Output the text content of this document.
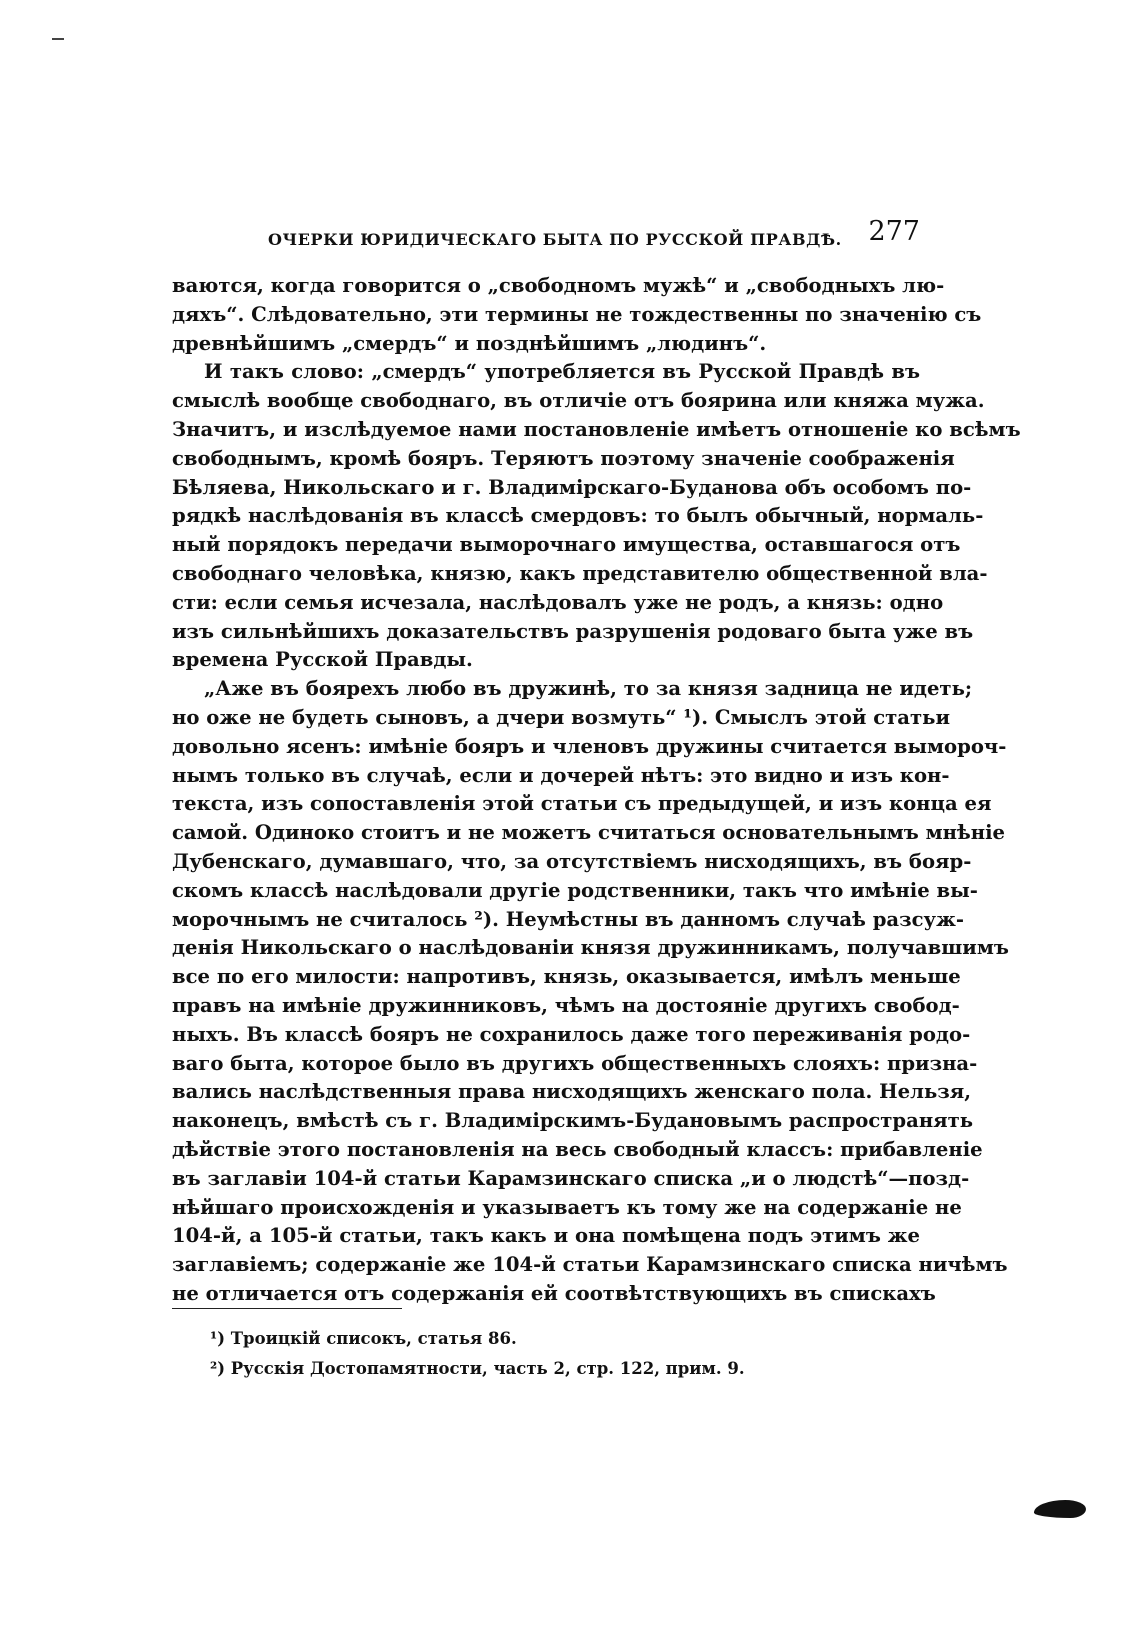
ОЧЕРКИ ЮРИДИЧЕСКАГО БЫТА ПО РУССКОЙ ПРАВДѢ. 277
ваются, когда говорится о „свободномъ мужѣ“ и „свободныхъ лю-
дяхъ“. Слѣдовательно, эти термины не тождественны по значенію съ
древнѣйшимъ „смердъ“ и позднѣйшимъ „людинъ“.
И такъ слово: „смердъ“ употребляется въ Русской Правдѣ въ
смыслѣ вообще свободнаго, въ отличіе отъ боярина или княжа мужа.
Значитъ, и изслѣдуемое нами постановленіе имѣетъ отношеніе ко всѣмъ
свободнымъ, кромѣ бояръ. Теряютъ поэтому значеніе соображенія
Бѣляева, Никольскаго и г. Владимірскаго-Буданова объ особомъ по-
рядкѣ наслѣдованія въ классѣ смердовъ: то былъ обычный, нормаль-
ный порядокъ передачи выморочнаго имущества, оставшагося отъ
свободнаго человѣка, князю, какъ представителю общественной вла-
сти: если семья исчезала, наслѣдовалъ уже не родъ, а князь: одно
изъ сильнѣйшихъ доказательствъ разрушенія родоваго быта уже въ
времена Русской Правды.
„Аже въ боярехъ любо въ дружинѣ, то за князя задница не идеть;
но оже не будеть сыновъ, а дчери возмуть“ ¹). Смыслъ этой статьи
довольно ясенъ: имѣніе бояръ и членовъ дружины считается вымороч-
нымъ только въ случаѣ, если и дочерей нѣтъ: это видно и изъ кон-
текста, изъ сопоставленія этой статьи съ предыдущей, и изъ конца ея
самой. Одиноко стоитъ и не можетъ считаться основательнымъ мнѣніе
Дубенскаго, думавшаго, что, за отсутствіемъ нисходящихъ, въ бояр-
скомъ классѣ наслѣдовали другіе родственники, такъ что имѣніе вы-
морочнымъ не считалось ²). Неумѣстны въ данномъ случаѣ разсуж-
денія Никольскаго о наслѣдованіи князя дружинникамъ, получавшимъ
все по его милости: напротивъ, князь, оказывается, имѣлъ меньше
правъ на имѣніе дружинниковъ, чѣмъ на достояніе другихъ свобод-
ныхъ. Въ классѣ бояръ не сохранилось даже того переживанія родо-
ваго быта, которое было въ другихъ общественныхъ слояхъ: призна-
вались наслѣдственныя права нисходящихъ женскаго пола. Нельзя,
наконецъ, вмѣстѣ съ г. Владимірскимъ-Будановымъ распространять
дѣйствіе этого постановленія на весь свободный классъ: прибавленіе
въ заглавіи 104-й статьи Карамзинскаго списка „и о людстѣ“—позд-
нѣйшаго происхожденія и указываетъ къ тому же на содержаніе не
104-й, а 105-й статьи, такъ какъ и она помѣщена подъ этимъ же
заглавіемъ; содержаніе же 104-й статьи Карамзинскаго списка ничѣмъ
не отличается отъ содержанія ей соотвѣтствующихъ въ спискахъ
¹) Троицкій списокъ, статья 86.
²) Русскія Достопамятности, часть 2, стр. 122, прим. 9.
